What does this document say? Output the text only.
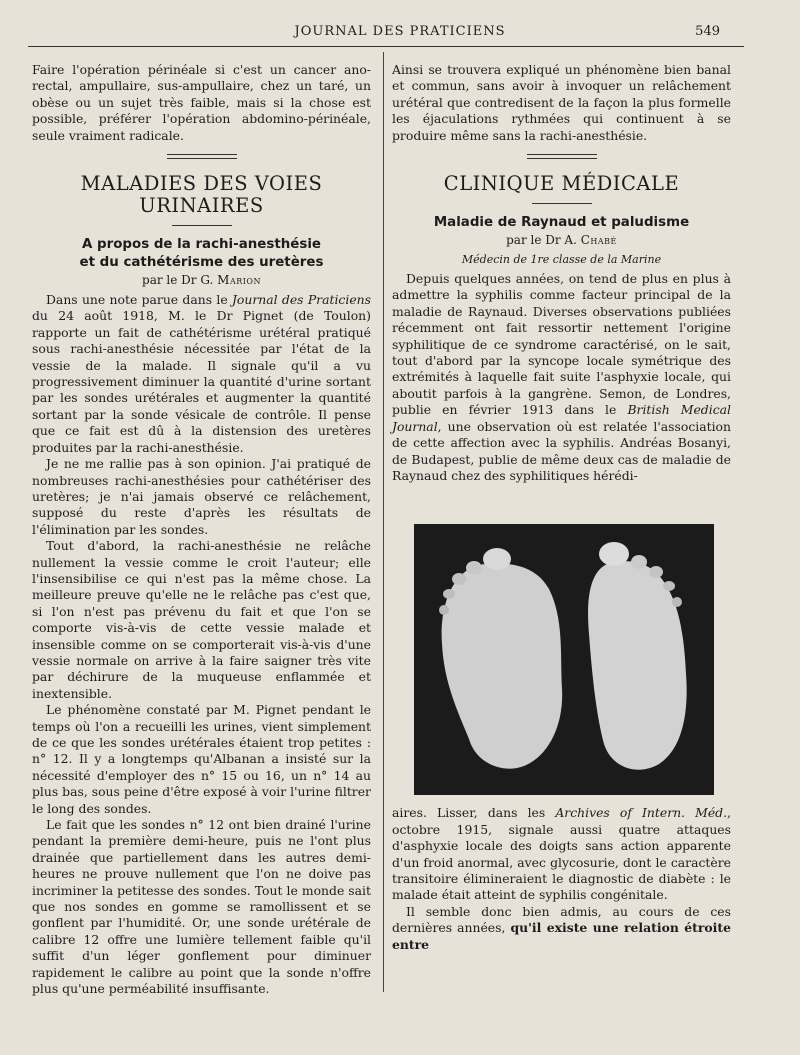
JOURNAL DES PRATICIENS	549

Faire l'opération périnéale si c'est un cancer ano-rectal, ampullaire, sus-ampullaire, chez un taré, un obèse ou un sujet très faible, mais si la chose est possible, préférer l'opération abdomino-périnéale, seule vraiment radicale.

MALADIES DES VOIES URINAIRES
A propos de la rachi-anesthésie
et du cathétérisme des uretères
par le Dr G. Marion

Dans une note parue dans le Journal des Praticiens du 24 août 1918, M. le Dr Pignet (de Toulon) rapporte un fait de cathétérisme urétéral pratiqué sous rachi-anesthésie nécessitée par l'état de la vessie de la malade. Il signale qu'il a vu progressivement diminuer la quantité d'urine sortant par les sondes urétérales et augmenter la quantité sortant par la sonde vésicale de contrôle. Il pense que ce fait est dû à la distension des uretères produites par la rachi-anesthésie.

Je ne me rallie pas à son opinion. J'ai pratiqué de nombreuses rachi-anesthésies pour cathétériser des uretères; je n'ai jamais observé ce relâchement, supposé du reste d'après les résultats de l'élimination par les sondes.

Tout d'abord, la rachi-anesthésie ne relâche nullement la vessie comme le croit l'auteur; elle l'insensibilise ce qui n'est pas la même chose. La meilleure preuve qu'elle ne le relâche pas c'est que, si l'on n'est pas prévenu du fait et que l'on se comporte vis-à-vis de cette vessie malade et insensible comme on se comporterait vis-à-vis d'une vessie normale on arrive à la faire saigner très vite par déchirure de la muqueuse enflammée et inextensible.

Le phénomène constaté par M. Pignet pendant le temps où l'on a recueilli les urines, vient simplement de ce que les sondes urétérales étaient trop petites : n° 12. Il y a longtemps qu'Albanan a insisté sur la nécessité d'employer des n° 15 ou 16, un n° 14 au plus bas, sous peine d'être exposé à voir l'urine filtrer le long des sondes.

Le fait que les sondes n° 12 ont bien drainé l'urine pendant la première demi-heure, puis ne l'ont plus drainée que partiellement dans les autres demi-heures ne prouve nullement que l'on ne doive pas incriminer la petitesse des sondes. Tout le monde sait que nos sondes en gomme se ramollissent et se gonflent par l'humidité. Or, une sonde urétérale de calibre 12 offre une lumière tellement faible qu'il suffit d'un léger gonflement pour diminuer rapidement le calibre au point que la sonde n'offre plus qu'une perméabilité insuffisante.

Ainsi se trouvera expliqué un phénomène bien banal et commun, sans avoir à invoquer un relâchement urétéral que contredisent de la façon la plus formelle les éjaculations rythmées qui continuent à se produire même sans la rachi-anesthésie.

CLINIQUE MÉDICALE
Maladie de Raynaud et paludisme
par le Dr A. Chabé
Médecin de 1re classe de la Marine

Depuis quelques années, on tend de plus en plus à admettre la syphilis comme facteur principal de la maladie de Raynaud. Diverses observations publiées récemment ont fait ressortir nettement l'origine syphilitique de ce syndrome caractérisé, on le sait, tout d'abord par la syncope locale symétrique des extrémités à laquelle fait suite l'asphyxie locale, qui aboutit parfois à la gangrène. Semon, de Londres, publie en février 1913 dans le British Medical Journal, une observation où est relatée l'association de cette affection avec la syphilis. Andréas Bosanyi, de Budapest, publie de même deux cas de maladie de Raynaud chez des syphilitiques hérédi-

aires. Lisser, dans les Archives of Intern. Méd., octobre 1915, signale aussi quatre attaques d'asphyxie locale des doigts sans action apparente d'un froid anormal, avec glycosurie, dont le caractère transitoire élimineraient le diagnostic de diabète : le malade était atteint de syphilis congénitale.

Il semble donc bien admis, au cours de ces dernières années, qu'il existe une relation étroite entre
